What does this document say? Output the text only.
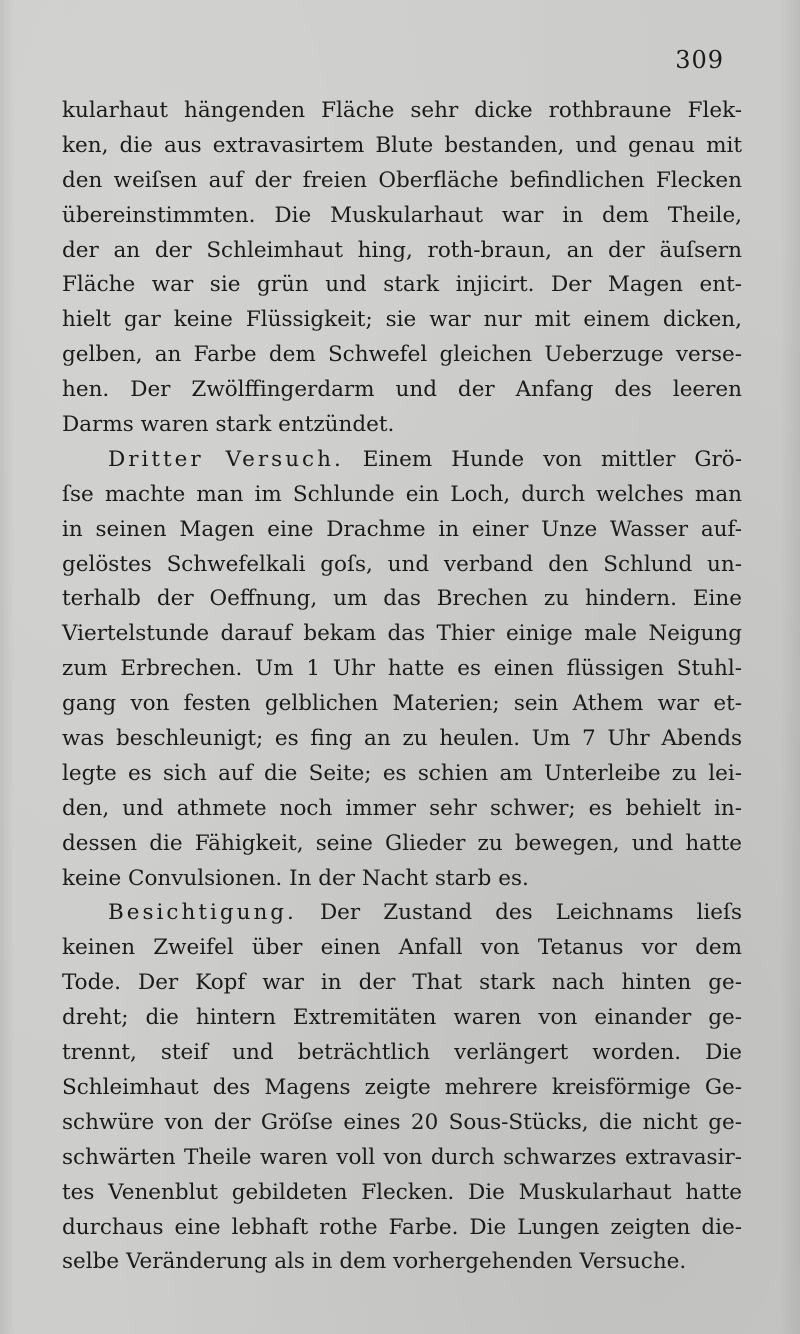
309
kularhaut hängenden Fläche sehr dicke rothbraune Flek-
ken, die aus extravasirtem Blute bestanden, und genau mit
den weiſsen auf der freien Oberfläche befindlichen Flecken
übereinstimmten. Die Muskularhaut war in dem Theile,
der an der Schleimhaut hing, roth-braun, an der äuſsern
Fläche war sie grün und stark injicirt. Der Magen ent-
hielt gar keine Flüssigkeit; sie war nur mit einem dicken,
gelben, an Farbe dem Schwefel gleichen Ueberzuge verse-
hen. Der Zwölffingerdarm und der Anfang des leeren
Darms waren stark entzündet.
Dritter Versuch. Einem Hunde von mittler Grö-
ſse machte man im Schlunde ein Loch, durch welches man
in seinen Magen eine Drachme in einer Unze Wasser auf-
gelöstes Schwefelkali goſs, und verband den Schlund un-
terhalb der Oeffnung, um das Brechen zu hindern. Eine
Viertelstunde darauf bekam das Thier einige male Neigung
zum Erbrechen. Um 1 Uhr hatte es einen flüssigen Stuhl-
gang von festen gelblichen Materien; sein Athem war et-
was beschleunigt; es fing an zu heulen. Um 7 Uhr Abends
legte es sich auf die Seite; es schien am Unterleibe zu lei-
den, und athmete noch immer sehr schwer; es behielt in-
dessen die Fähigkeit, seine Glieder zu bewegen, und hatte
keine Convulsionen. In der Nacht starb es.
Besichtigung. Der Zustand des Leichnams lieſs
keinen Zweifel über einen Anfall von Tetanus vor dem
Tode. Der Kopf war in der That stark nach hinten ge-
dreht; die hintern Extremitäten waren von einander ge-
trennt, steif und beträchtlich verlängert worden. Die
Schleimhaut des Magens zeigte mehrere kreisförmige Ge-
schwüre von der Gröſse eines 20 Sous-Stücks, die nicht ge-
schwärten Theile waren voll von durch schwarzes extravasir-
tes Venenblut gebildeten Flecken. Die Muskularhaut hatte
durchaus eine lebhaft rothe Farbe. Die Lungen zeigten die-
selbe Veränderung als in dem vorhergehenden Versuche.
